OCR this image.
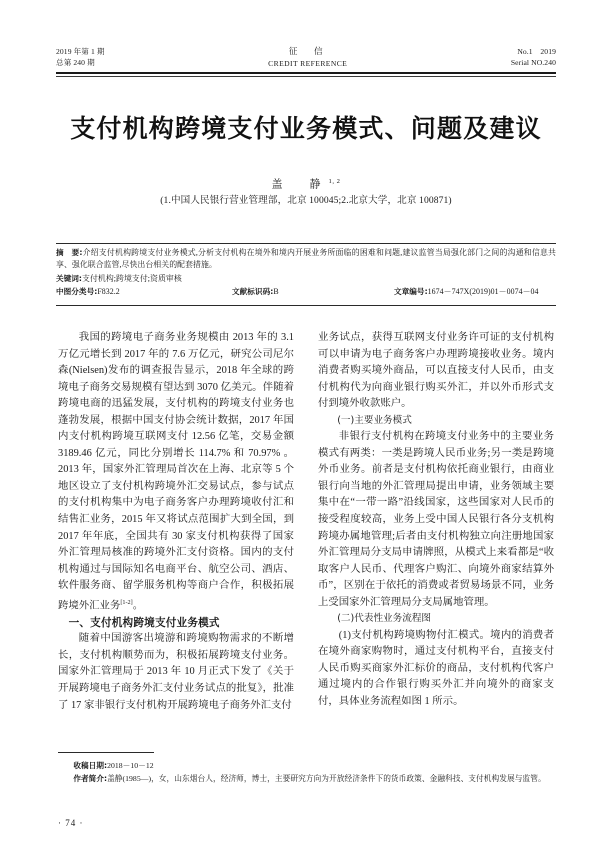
2019 年第 1 期
总第 240 期
征　信
CREDIT REFERENCE
No.1　2019
Serial NO.240
支付机构跨境支付业务模式、问题及建议
盖　静$^{1, 2}$
(1.中国人民银行营业管理部，北京 100045;2.北京大学，北京 100871)

摘　要:介绍支付机构跨境支付业务模式,分析支付机构在境外和境内开展业务所面临的困难和问题,建议监管当局强化部门之间的沟通和信息共享、强化联合监管,尽快出台相关的配套措施。

关键词:支付机构;跨境支付;资质审核

中图分类号:F832.2	文献标识码:B	文章编号:1674－747X(2019)01－0074－04

我国的跨境电子商务业务规模由 2013 年的 3.1 万亿元增长到 2017 年的 7.6 万亿元，研究公司尼尔森(Nielsen)发布的调查报告显示，2018 年全球的跨境电子商务交易规模有望达到 3070 亿美元。伴随着跨境电商的迅猛发展，支付机构的跨境支付业务也蓬勃发展，根据中国支付协会统计数据，2017 年国内支付机构跨境互联网支付 12.56 亿笔，交易金额 3189.46 亿元，同比分别增长 114.7% 和 70.97% 。2013 年，国家外汇管理局首次在上海、北京等 5 个地区设立了支付机构跨境外汇交易试点，参与试点的支付机构集中为电子商务客户办理跨境收付汇和结售汇业务，2015 年又将试点范围扩大到全国，到 2017 年年底，全国共有 30 家支付机构获得了国家外汇管理局核准的跨境外汇支付资格。国内的支付机构通过与国际知名电商平台、航空公司、酒店、软件服务商、留学服务机构等商户合作，积极拓展跨境外汇业务[1-2]。

一、支付机构跨境支付业务模式

随着中国游客出境游和跨境购物需求的不断增长，支付机构顺势而为，积极拓展跨境支付业务。国家外汇管理局于 2013 年 10 月正式下发了《关于开展跨境电子商务外汇支付业务试点的批复》，批准了 17 家非银行支付机构开展跨境电子商务外汇支付

业务试点，获得互联网支付业务许可证的支付机构可以申请为电子商务客户办理跨境接收业务。境内消费者购买境外商品，可以直接支付人民币，由支付机构代为向商业银行购买外汇，并以外币形式支付到境外收款账户。

(一)主要业务模式

非银行支付机构在跨境支付业务中的主要业务模式有两类：一类是跨境人民币业务;另一类是跨境外币业务。前者是支付机构依托商业银行，由商业银行向当地的外汇管理局提出申请，业务领域主要集中在“一带一路”沿线国家，这些国家对人民币的接受程度较高，业务上受中国人民银行各分支机构跨境办属地管理;后者由支付机构独立向注册地国家外汇管理局分支局申请牌照，从模式上来看都是“收取客户人民币、代理客户购汇、向境外商家结算外币”，区别在于依托的消费或者贸易场景不同，业务上受国家外汇管理局分支局属地管理。

(二)代表性业务流程图

(1)支付机构跨境购物付汇模式。境内的消费者在境外商家购物时，通过支付机构平台，直接支付人民币购买商家外汇标价的商品，支付机构代客户通过境内的合作银行购买外汇并向境外的商家支付，具体业务流程如图 1 所示。

收稿日期:2018－10－12

作者简介:盖静(1985—)，女，山东烟台人，经济师，博士，主要研究方向为开放经济条件下的货币政策、金融科技、支付机构发展与监管。

· 74 ·
